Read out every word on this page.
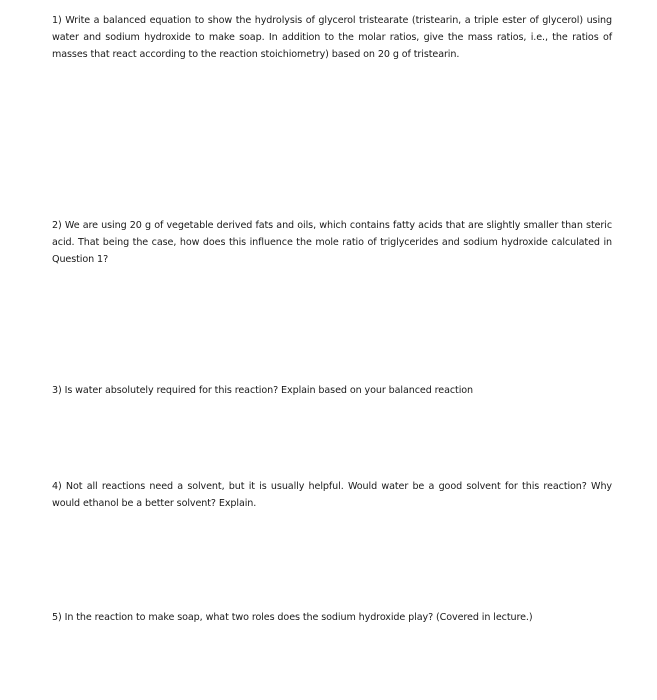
1) Write a balanced equation to show the hydrolysis of glycerol tristearate (tristearin, a triple ester of glycerol) using water and sodium hydroxide to make soap. In addition to the molar ratios, give the mass ratios, i.e., the ratios of masses that react according to the reaction stoichiometry) based on 20 g of tristearin.

2) We are using 20 g of vegetable derived fats and oils, which contains fatty acids that are slightly smaller than steric acid. That being the case, how does this influence the mole ratio of triglycerides and sodium hydroxide calculated in Question 1?

3) Is water absolutely required for this reaction? Explain based on your balanced reaction

4) Not all reactions need a solvent, but it is usually helpful. Would water be a good solvent for this reaction? Why would ethanol be a better solvent? Explain.

5) In the reaction to make soap, what two roles does the sodium hydroxide play? (Covered in lecture.)
